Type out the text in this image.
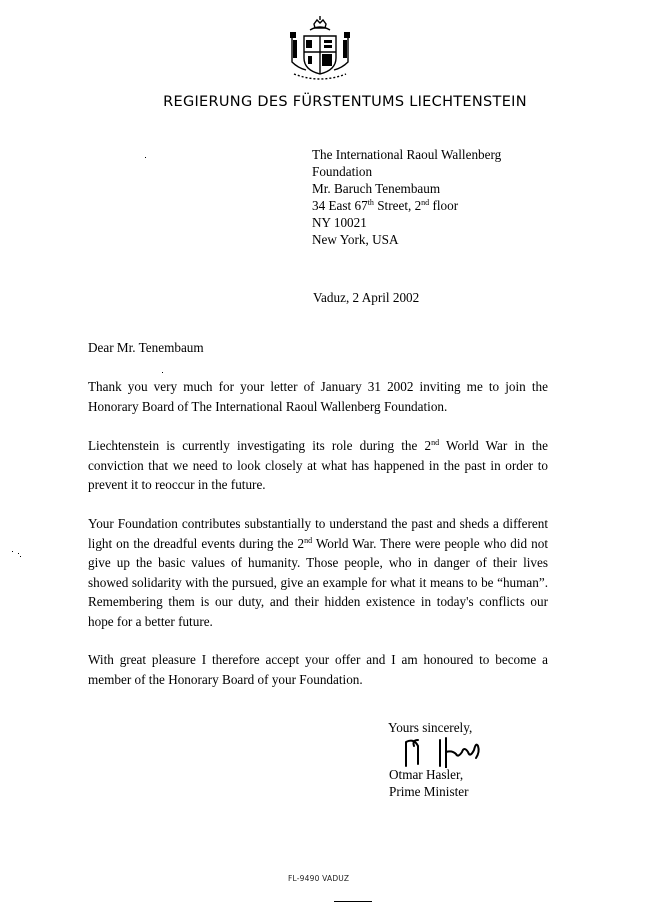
REGIERUNG DES FÜRSTENTUMS LIECHTENSTEIN
The International Raoul Wallenberg
Foundation
Mr. Baruch Tenembaum
34 East 67th Street, 2nd floor
NY 10021
New York, USA
Vaduz, 2 April 2002
Dear Mr. Tenembaum
Thank you very much for your letter of January 31 2002 inviting me to join the Honorary Board of The International Raoul Wallenberg Foundation.
Liechtenstein is currently investigating its role during the 2nd World War in the conviction that we need to look closely at what has happened in the past in order to prevent it to reoccur in the future.
Your Foundation contributes substantially to understand the past and sheds a different light on the dreadful events during the 2nd World War. There were people who did not give up the basic values of humanity. Those people, who in danger of their lives showed solidarity with the pursued, give an example for what it means to be “human”. Remembering them is our duty, and their hidden existence in today's conflicts our hope for a better future.
With great pleasure I therefore accept your offer and I am honoured to become a member of the Honorary Board of your Foundation.
Yours sincerely,
Otmar Hasler,
Prime Minister
FL-9490 VADUZ
